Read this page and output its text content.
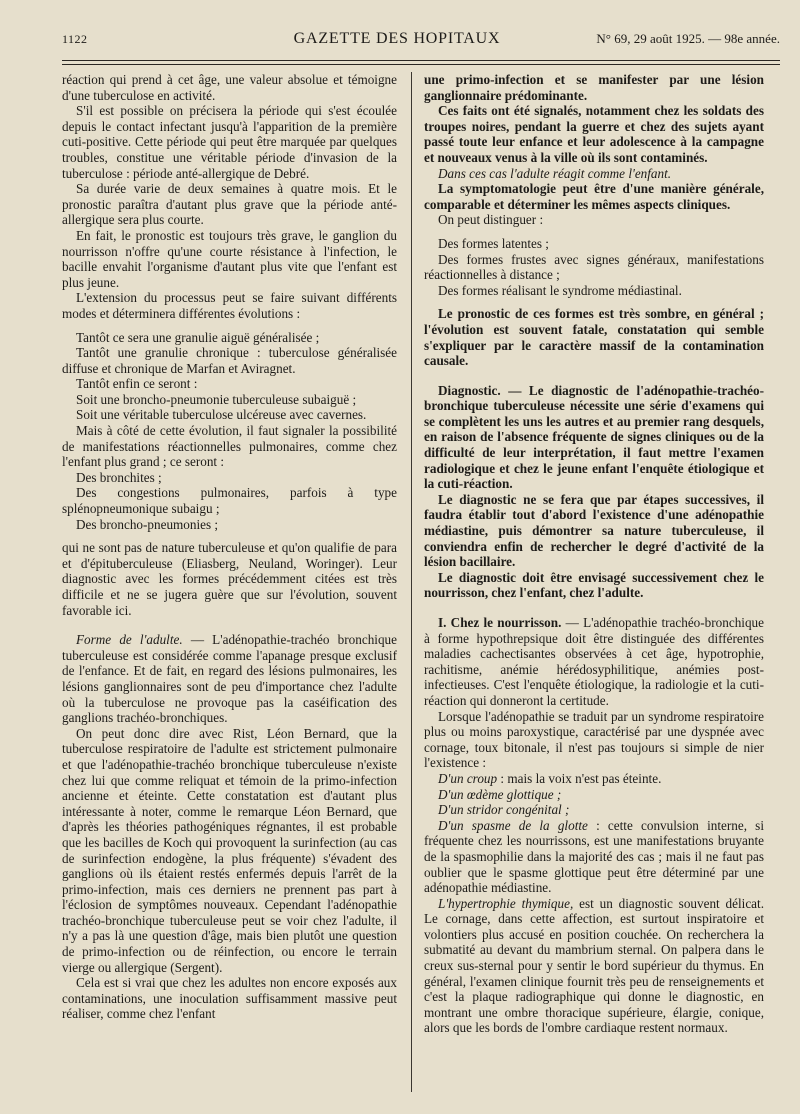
1122	GAZETTE DES HOPITAUX	N° 69, 29 août 1925. — 98e année.

réaction qui prend à cet âge, une valeur absolue et témoigne d'une tuberculose en activité.

S'il est possible on précisera la période qui s'est écoulée depuis le contact infectant jusqu'à l'apparition de la première cuti-positive. Cette période qui peut être marquée par quelques troubles, constitue une véritable période d'invasion de la tuberculose : période anté-allergique de Debré.

Sa durée varie de deux semaines à quatre mois. Et le pronostic paraîtra d'autant plus grave que la période anté-allergique sera plus courte.

En fait, le pronostic est toujours très grave, le ganglion du nourrisson n'offre qu'une courte résistance à l'infection, le bacille envahit l'organisme d'autant plus vite que l'enfant est plus jeune.

L'extension du processus peut se faire suivant différents modes et déterminera différentes évolutions :

Tantôt ce sera une granulie aiguë généralisée ;

Tantôt une granulie chronique : tuberculose généralisée diffuse et chronique de Marfan et Aviragnet.

Tantôt enfin ce seront :

Soit une broncho-pneumonie tuberculeuse subaiguë ;

Soit une véritable tuberculose ulcéreuse avec cavernes.

Mais à côté de cette évolution, il faut signaler la possibilité de manifestations réactionnelles pulmonaires, comme chez l'enfant plus grand ; ce seront :

Des bronchites ;

Des congestions pulmonaires, parfois à type splénopneumonique subaigu ;

Des broncho-pneumonies ;

qui ne sont pas de nature tuberculeuse et qu'on qualifie de para et d'épituberculeuse (Eliasberg, Neuland, Woringer). Leur diagnostic avec les formes précédemment citées est très difficile et ne se jugera guère que sur l'évolution, souvent favorable ici.

Forme de l'adulte. — L'adénopathie-trachéo bronchique tuberculeuse est considérée comme l'apanage presque exclusif de l'enfance. Et de fait, en regard des lésions pulmonaires, les lésions ganglionnaires sont de peu d'importance chez l'adulte où la tuberculose ne provoque pas la caséification des ganglions trachéo-bronchiques.

On peut donc dire avec Rist, Léon Bernard, que la tuberculose respiratoire de l'adulte est strictement pulmonaire et que l'adénopathie-trachéo bronchique tuberculeuse n'existe chez lui que comme reliquat et témoin de la primo-infection ancienne et éteinte. Cette constatation est d'autant plus intéressante à noter, comme le remarque Léon Bernard, que d'après les théories pathogéniques régnantes, il est probable que les bacilles de Koch qui provoquent la surinfection (au cas de surinfection endogène, la plus fréquente) s'évadent des ganglions où ils étaient restés enfermés depuis l'arrêt de la primo-infection, mais ces derniers ne prennent pas part à l'éclosion de symptômes nouveaux. Cependant l'adénopathie trachéo-bronchique tuberculeuse peut se voir chez l'adulte, il n'y a pas là une question d'âge, mais bien plutôt une question de primo-infection ou de réinfection, ou encore le terrain vierge ou allergique (Sergent).

Cela est si vrai que chez les adultes non encore exposés aux contaminations, une inoculation suffisamment massive peut réaliser, comme chez l'enfant

une primo-infection et se manifester par une lésion ganglionnaire prédominante.

Ces faits ont été signalés, notamment chez les soldats des troupes noires, pendant la guerre et chez des sujets ayant passé toute leur enfance et leur adolescence à la campagne et nouveaux venus à la ville où ils sont contaminés.

Dans ces cas l'adulte réagit comme l'enfant.

La symptomatologie peut être d'une manière générale, comparable et déterminer les mêmes aspects cliniques.

On peut distinguer :

Des formes latentes ;

Des formes frustes avec signes généraux, manifestations réactionnelles à distance ;

Des formes réalisant le syndrome médiastinal.

Le pronostic de ces formes est très sombre, en général ; l'évolution est souvent fatale, constatation qui semble s'expliquer par le caractère massif de la contamination causale.

Diagnostic. — Le diagnostic de l'adénopathie-trachéo-bronchique tuberculeuse nécessite une série d'examens qui se complètent les uns les autres et au premier rang desquels, en raison de l'absence fréquente de signes cliniques ou de la difficulté de leur interprétation, il faut mettre l'examen radiologique et chez le jeune enfant l'enquête étiologique et la cuti-réaction.

Le diagnostic ne se fera que par étapes successives, il faudra établir tout d'abord l'existence d'une adénopathie médiastine, puis démontrer sa nature tuberculeuse, il conviendra enfin de rechercher le degré d'activité de la lésion bacillaire.

Le diagnostic doit être envisagé successivement chez le nourrisson, chez l'enfant, chez l'adulte.

I. Chez le nourrisson. — L'adénopathie trachéo-bronchique à forme hypothrepsique doit être distinguée des différentes maladies cachectisantes observées à cet âge, hypotrophie, rachitisme, anémie hérédosyphilitique, anémies post-infectieuses. C'est l'enquête étiologique, la radiologie et la cuti-réaction qui donneront la certitude.

Lorsque l'adénopathie se traduit par un syndrome respiratoire plus ou moins paroxystique, caractérisé par une dyspnée avec cornage, toux bitonale, il n'est pas toujours si simple de nier l'existence :

D'un croup : mais la voix n'est pas éteinte.

D'un œdème glottique ;

D'un stridor congénital ;

D'un spasme de la glotte : cette convulsion interne, si fréquente chez les nourrissons, est une manifestations bruyante de la spasmophilie dans la majorité des cas ; mais il ne faut pas oublier que le spasme glottique peut être déterminé par une adénopathie médiastine.

L'hypertrophie thymique, est un diagnostic souvent délicat. Le cornage, dans cette affection, est surtout inspiratoire et volontiers plus accusé en position couchée. On recherchera la submatité au devant du mambrium sternal. On palpera dans le creux sus-sternal pour y sentir le bord supérieur du thymus. En général, l'examen clinique fournit très peu de renseignements et c'est la plaque radiographique qui donne le diagnostic, en montrant une ombre thoracique supérieure, élargie, conique, alors que les bords de l'ombre cardiaque restent normaux.
